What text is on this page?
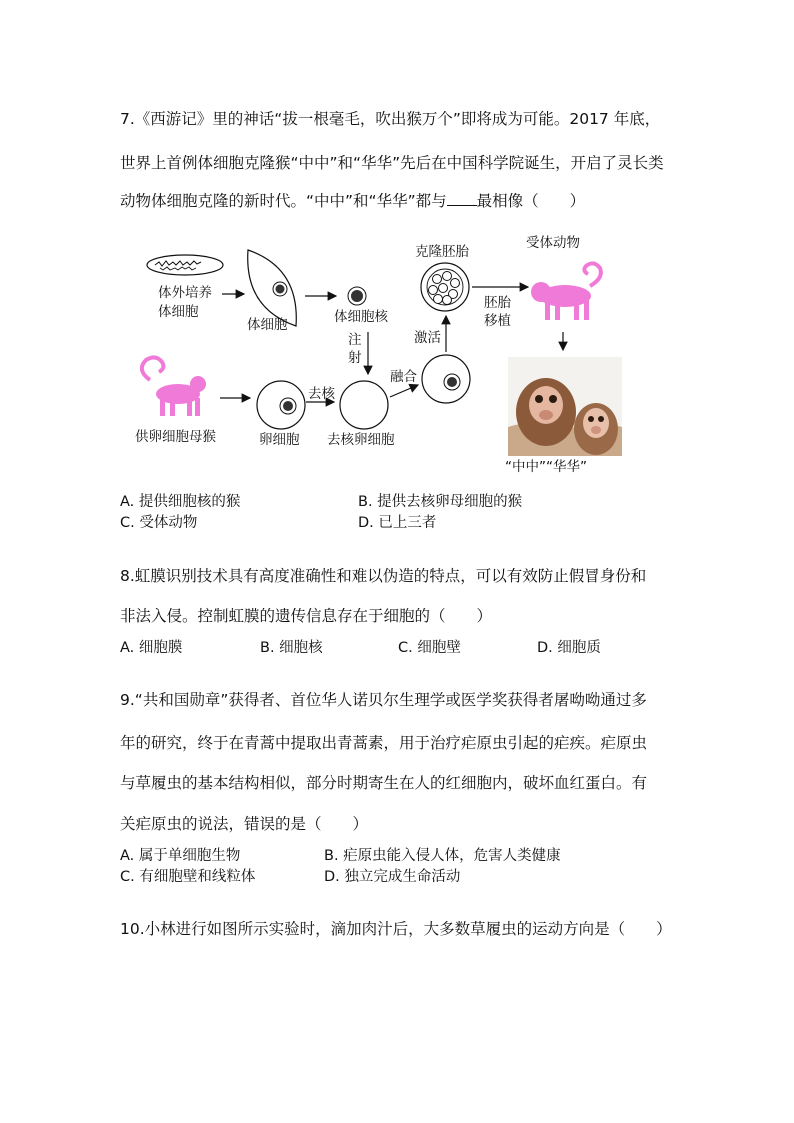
7.《西游记》里的神话“拔一根毫毛，吹出猴万个”即将成为可能。2017 年底，
世界上首例体细胞克隆猴“中中”和“华华”先后在中国科学院诞生，开启了灵长类
动物体细胞克隆的新时代。“中中”和“华华”都与 最相像（　　）
体外培养
体细胞
体细胞	体细胞核
注
射
克隆胚胎
受体动物
胚胎
移植
激活
融合
去核
供卵细胞母猴	卵细胞 去核卵细胞
“中中”“华华”
A. 提供细胞核的猴	B. 提供去核卵母细胞的猴
C. 受体动物	D. 已上三者
8.虹膜识别技术具有高度准确性和难以伪造的特点，可以有效防止假冒身份和
非法入侵。控制虹膜的遗传信息存在于细胞的（　　）
A. 细胞膜	B. 细胞核	C. 细胞壁	D. 细胞质
9.“共和国勋章”获得者、首位华人诺贝尔生理学或医学奖获得者屠呦呦通过多
年的研究，终于在青蒿中提取出青蒿素，用于治疗疟原虫引起的疟疾。疟原虫
与草履虫的基本结构相似，部分时期寄生在人的红细胞内，破坏血红蛋白。有
关疟原虫的说法，错误的是（　　）
A. 属于单细胞生物	B. 疟原虫能入侵人体，危害人类健康
C. 有细胞壁和线粒体	D. 独立完成生命活动
10.小林进行如图所示实验时，滴加肉汁后，大多数草履虫的运动方向是（　　）
